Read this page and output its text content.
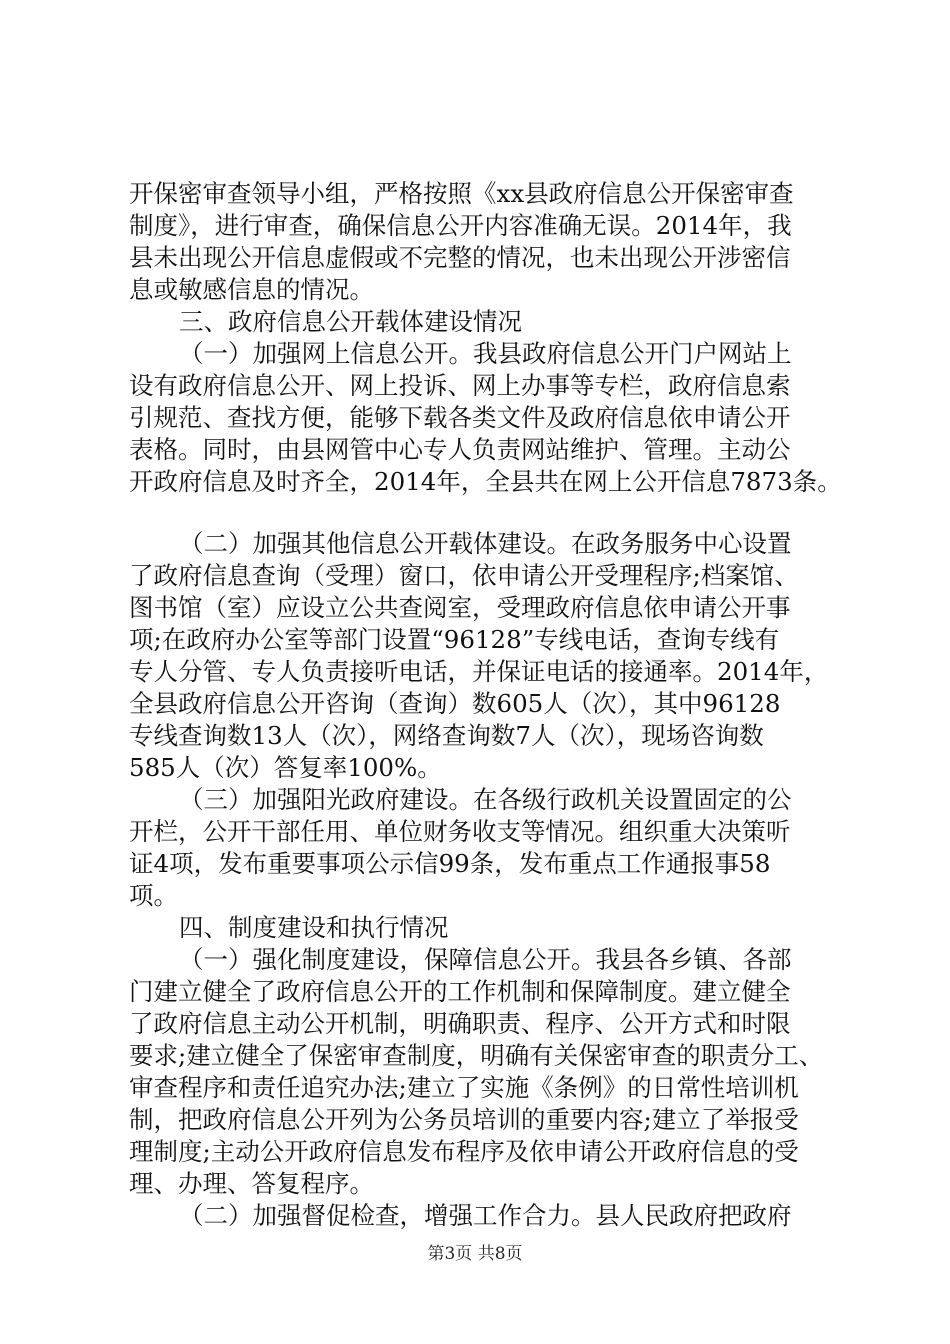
开保密审查领导小组，严格按照《xx县政府信息公开保密审查
制度》，进行审查，确保信息公开内容准确无误。2014年，我
县未出现公开信息虚假或不完整的情况，也未出现公开涉密信
息或敏感信息的情况。
三、政府信息公开载体建设情况
（一）加强网上信息公开。我县政府信息公开门户网站上
设有政府信息公开、网上投诉、网上办事等专栏，政府信息索
引规范、查找方便，能够下载各类文件及政府信息依申请公开
表格。同时，由县网管中心专人负责网站维护、管理。主动公
开政府信息及时齐全，2014年，全县共在网上公开信息7873条。
（二）加强其他信息公开载体建设。在政务服务中心设置
了政府信息查询（受理）窗口，依申请公开受理程序;档案馆、
图书馆（室）应设立公共查阅室，受理政府信息依申请公开事
项;在政府办公室等部门设置“96128”专线电话，查询专线有
专人分管、专人负责接听电话，并保证电话的接通率。2014年，
全县政府信息公开咨询（查询）数605人（次），其中96128
专线查询数13人（次），网络查询数7人（次），现场咨询数
585人（次）答复率100%。
（三）加强阳光政府建设。在各级行政机关设置固定的公
开栏，公开干部任用、单位财务收支等情况。组织重大决策听
证4项，发布重要事项公示信99条，发布重点工作通报事58
项。
四、制度建设和执行情况
（一）强化制度建设，保障信息公开。我县各乡镇、各部
门建立健全了政府信息公开的工作机制和保障制度。建立健全
了政府信息主动公开机制，明确职责、程序、公开方式和时限
要求;建立健全了保密审查制度，明确有关保密审查的职责分工、
审查程序和责任追究办法;建立了实施《条例》的日常性培训机
制，把政府信息公开列为公务员培训的重要内容;建立了举报受
理制度;主动公开政府信息发布程序及依申请公开政府信息的受
理、办理、答复程序。
（二）加强督促检查，增强工作合力。县人民政府把政府
第3页 共8页
